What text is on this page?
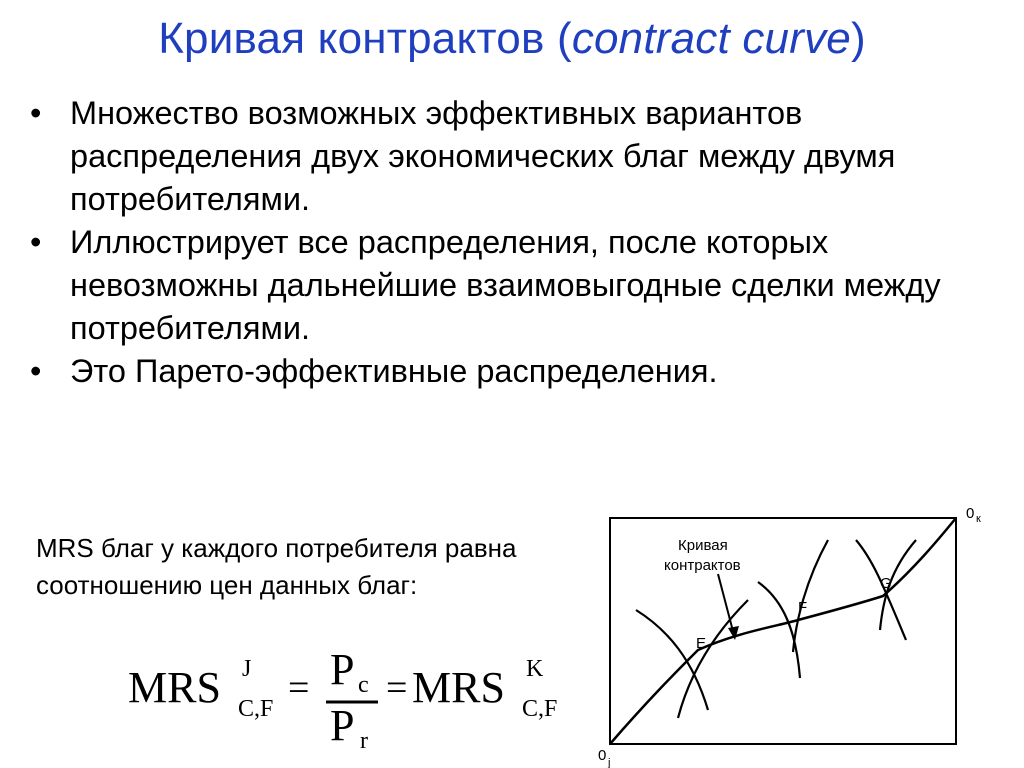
Кривая контрактов (contract curve)
• Множество возможных эффективных вариантов распределения двух экономических благ между двумя потребителями.
• Иллюстрирует все распределения, после которых невозможны дальнейшие взаимовыгодные сделки между потребителями.
• Это Парето-эффективные распределения.
MRS благ у каждого потребителя равна соотношению цен данных благ:
MRS J
C,F = P c
P r
= MRS K
C,F
Кривая
контрактов
E
F
G
0 к
0 j
